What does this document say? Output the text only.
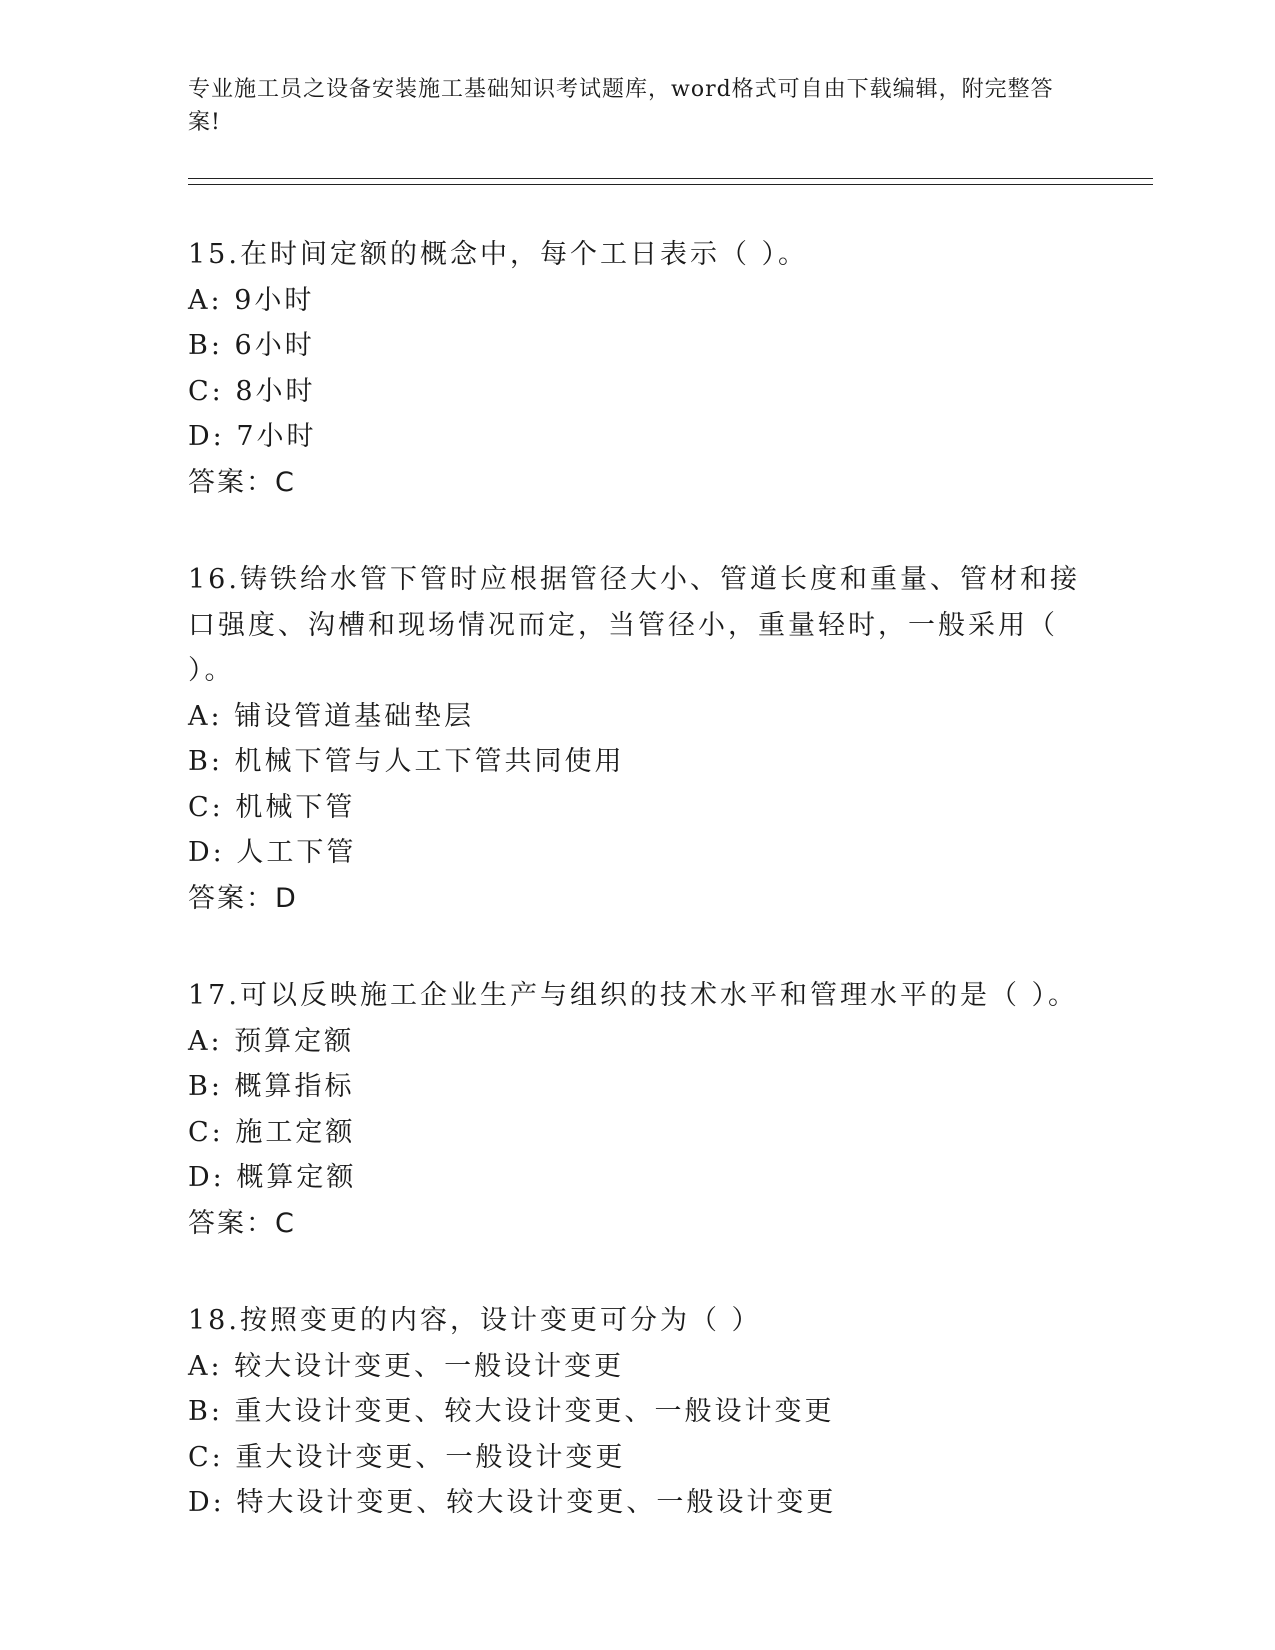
专业施工员之设备安装施工基础知识考试题库，word格式可自由下载编辑，附完整答案!
15.在时间定额的概念中，每个工日表示（ ）。
A: 9小时
B: 6小时
C: 8小时
D: 7小时
答案：C
16.铸铁给水管下管时应根据管径大小、管道长度和重量、管材和接口强度、沟槽和现场情况而定，当管径小，重量轻时，一般采用（ ）。
A: 铺设管道基础垫层
B: 机械下管与人工下管共同使用
C: 机械下管
D: 人工下管
答案：D
17.可以反映施工企业生产与组织的技术水平和管理水平的是（ ）。
A: 预算定额
B: 概算指标
C: 施工定额
D: 概算定额
答案：C
18.按照变更的内容，设计变更可分为（ ）
A: 较大设计变更、一般设计变更
B: 重大设计变更、较大设计变更、一般设计变更
C: 重大设计变更、一般设计变更
D: 特大设计变更、较大设计变更、一般设计变更
